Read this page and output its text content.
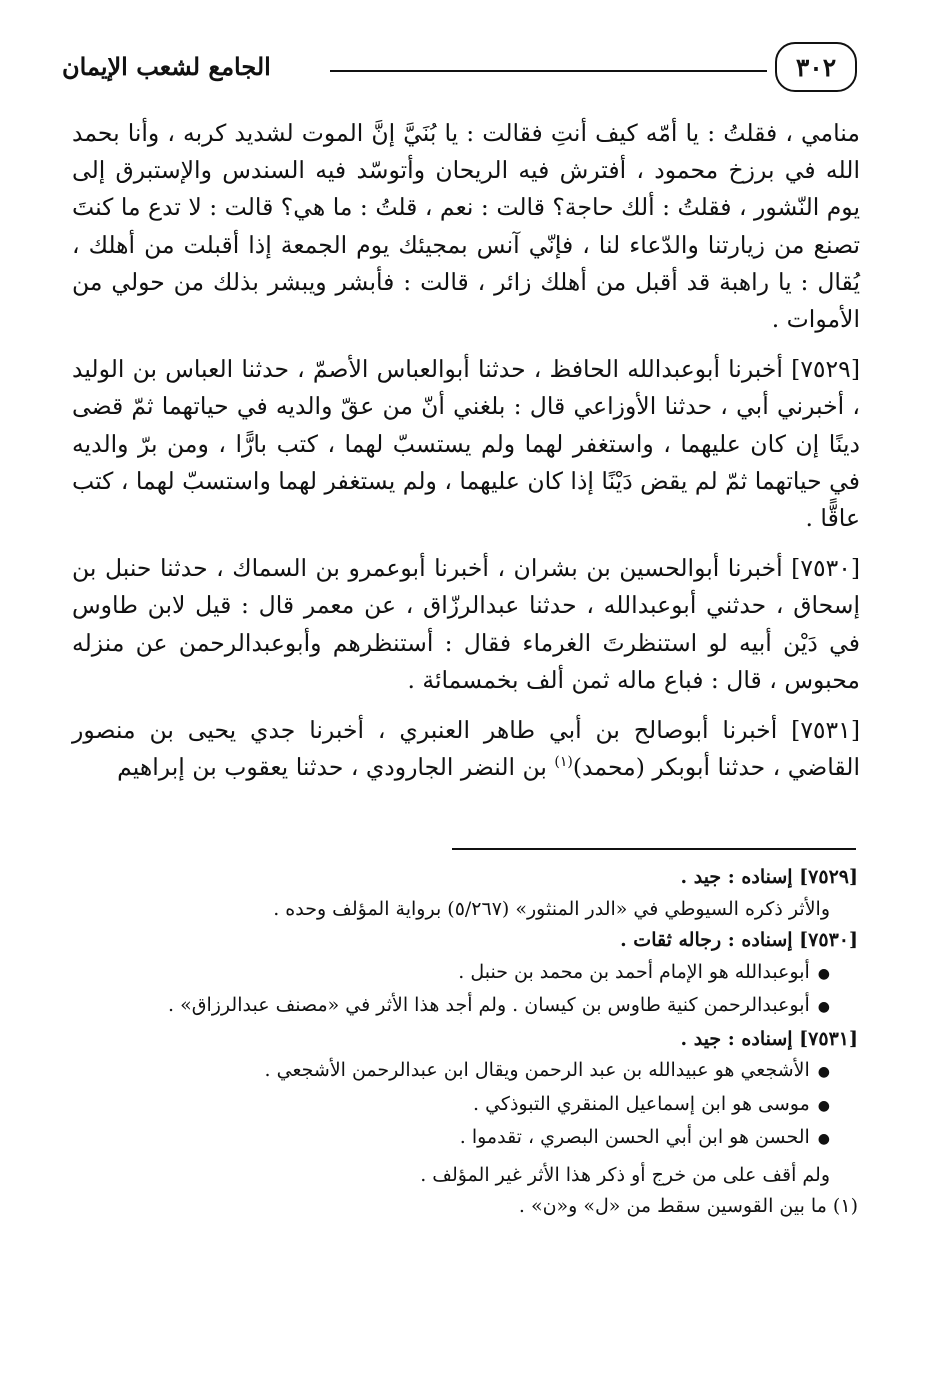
الجامع لشعب الإيمان	٣٠٢

منامي ، فقلتُ : يا أمّه كيف أنتِ فقالت : يا بُنَيَّ إنَّ الموت لشديد كربه ، وأنا بحمد الله في برزخ محمود ، أفترش فيه الريحان وأتوسّد فيه السندس والإستبرق إلى يوم النّشور ، فقلتُ : ألك حاجة؟ قالت : نعم ، قلتُ : ما هي؟ قالت : لا تدع ما كنتَ تصنع من زيارتنا والدّعاء لنا ، فإنّي آنس بمجيئك يوم الجمعة إذا أقبلت من أهلك ، يُقال : يا راهبة قد أقبل من أهلك زائر ، قالت : فأبشر ويبشر بذلك من حولي من الأموات .

[٧٥٢٩] أخبرنا أبوعبدالله الحافظ ، حدثنا أبوالعباس الأصمّ ، حدثنا العباس بن الوليد ، أخبرني أبي ، حدثنا الأوزاعي قال : بلغني أنّ من عقّ والديه في حياتهما ثمّ قضى دينًا إن كان عليهما ، واستغفر لهما ولم يستسبّ لهما ، كتب بارًّا ، ومن برّ والديه في حياتهما ثمّ لم يقض دَيْنًا إذا كان عليهما ، ولم يستغفر لهما واستسبّ لهما ، كتب عاقًّا .

[٧٥٣٠] أخبرنا أبوالحسين بن بشران ، أخبرنا أبوعمرو بن السماك ، حدثنا حنبل بن إسحاق ، حدثني أبوعبدالله ، حدثنا عبدالرزّاق ، عن معمر قال : قيل لابن طاوس في دَيْن أبيه لو استنظرتَ الغرماء فقال : أستنظرهم وأبوعبدالرحمن عن منزله محبوس ، قال : فباع ماله ثمن ألف بخمسمائة .

[٧٥٣١] أخبرنا أبوصالح بن أبي طاهر العنبري ، أخبرنا جدي يحيى بن منصور القاضي ، حدثنا أبوبكر (محمد)$^{(١)}$ بن النضر الجارودي ، حدثنا يعقوب بن إبراهيم

[٧٥٢٩] إسناده : جيد .

والأثر ذكره السيوطي في «الدر المنثور» (٥/٢٦٧) برواية المؤلف وحده .

[٧٥٣٠] إسناده : رجاله ثقات .

●أبوعبدالله هو الإمام أحمد بن محمد بن حنبل .
●أبوعبدالرحمن كنية طاوس بن كيسان . ولم أجد هذا الأثر في «مصنف عبدالرزاق» .

[٧٥٣١] إسناده : جيد .

●الأشجعي هو عبيدالله بن عبد الرحمن ويقال ابن عبدالرحمن الأشجعي .
●موسى هو ابن إسماعيل المنقري التبوذكي .
●الحسن هو ابن أبي الحسن البصري ، تقدموا .

ولم أقف على من خرج أو ذكر هذا الأثر غير المؤلف .

(١) ما بين القوسين سقط من «ل» و«ن» .
